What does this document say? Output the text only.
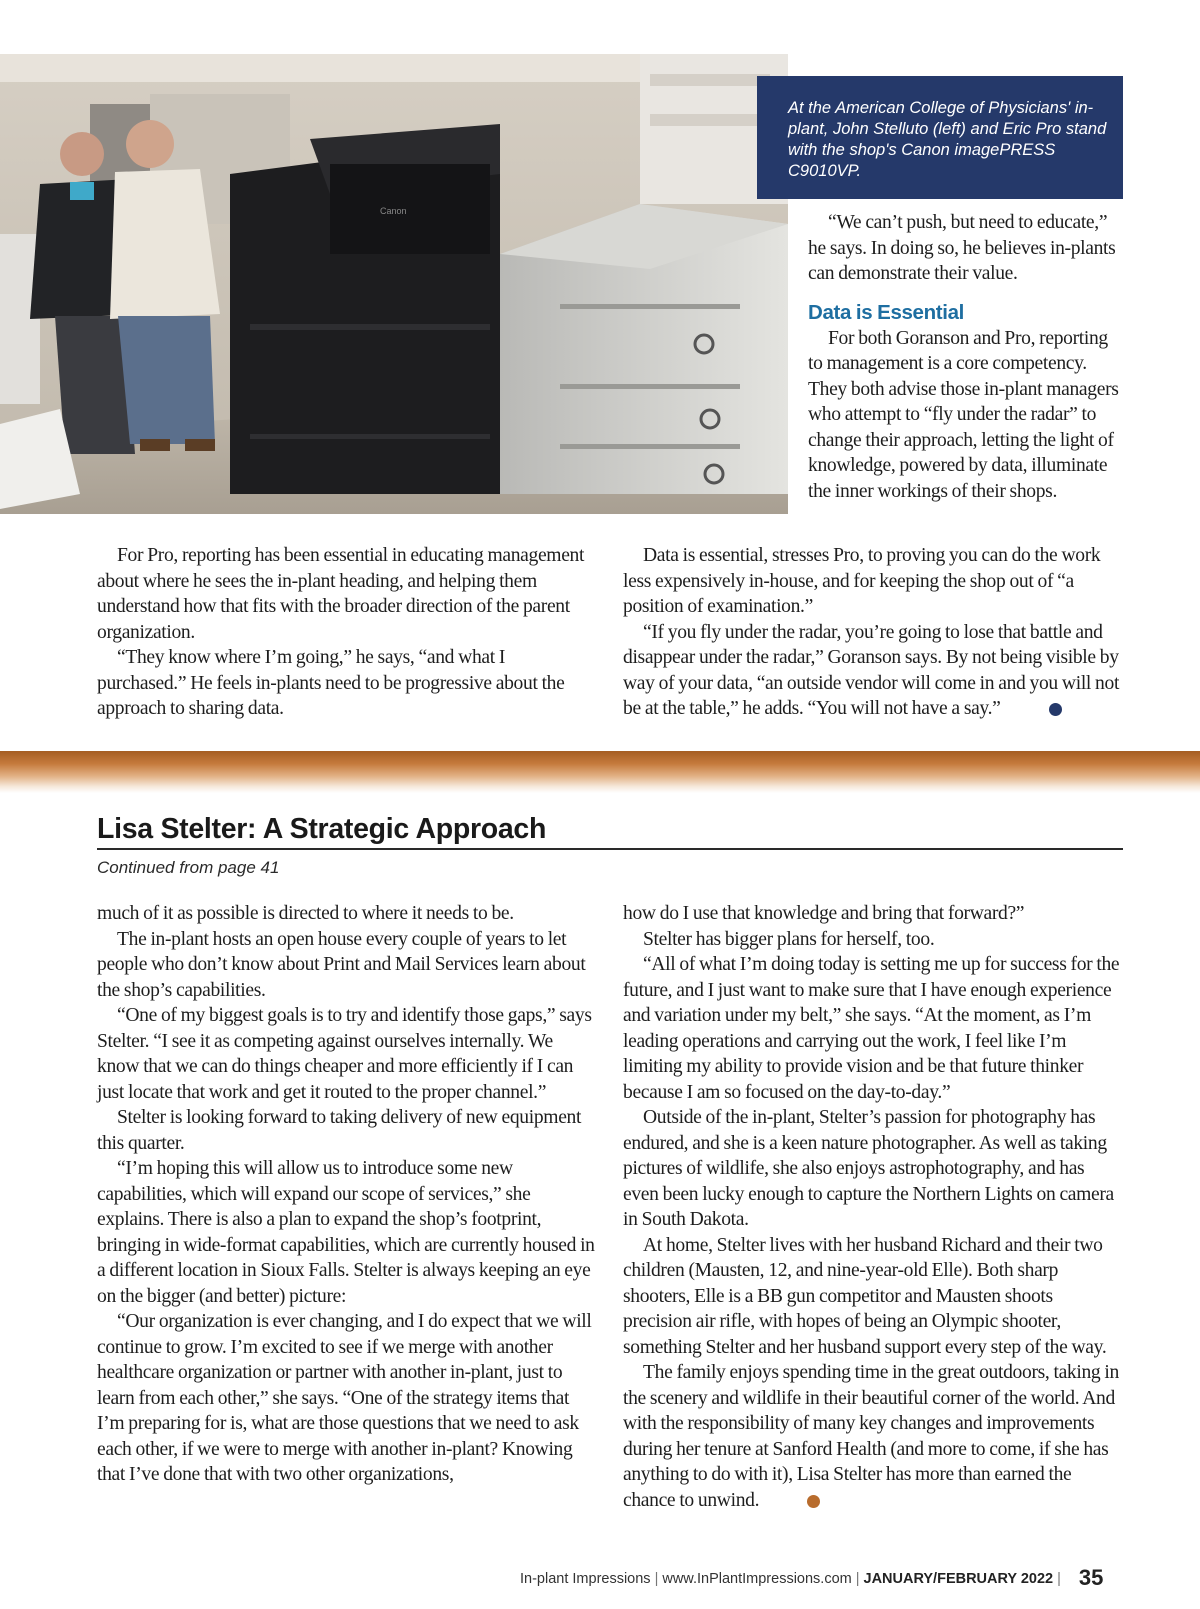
Canon
At the American College of Physicians' in-plant, John Stelluto (left) and Eric Pro stand with the shop's Canon imagePRESS C9010VP.

“We can’t push, but need to educate,” he says. In doing so, he believes in-plants can demonstrate their value.

Data is Essential

For both Goranson and Pro, reporting to management is a core competency. They both advise those in-plant managers who attempt to “fly under the radar” to change their approach, letting the light of knowledge, powered by data, illuminate the inner workings of their shops.

For Pro, reporting has been essential in educating management about where he sees the in-plant heading, and helping them understand how that fits with the broader direction of the parent organization.

“They know where I’m going,” he says, “and what I purchased.” He feels in-plants need to be progressive about the approach to sharing data.

Data is essential, stresses Pro, to proving you can do the work less expensively in-house, and for keeping the shop out of “a position of examination.”

“If you fly under the radar, you’re going to lose that battle and disappear under the radar,” Goranson says. By not being visible by way of your data, “an outside vendor will come in and you will not be at the table,” he adds. “You will not have a say.”

Lisa Stelter: A Strategic Approach
Continued from page 41

much of it as possible is directed to where it needs to be.

The in-plant hosts an open house every couple of years to let people who don’t know about Print and Mail Services learn about the shop’s capabilities.

“One of my biggest goals is to try and identify those gaps,” says Stelter. “I see it as competing against ourselves internally. We know that we can do things cheaper and more efficiently if I can just locate that work and get it routed to the proper channel.”

Stelter is looking forward to taking delivery of new equipment this quarter.

“I’m hoping this will allow us to introduce some new capabilities, which will expand our scope of services,” she explains. There is also a plan to expand the shop’s footprint, bringing in wide-format capabilities, which are currently housed in a different location in Sioux Falls. Stelter is always keeping an eye on the bigger (and better) picture:

“Our organization is ever changing, and I do expect that we will continue to grow. I’m excited to see if we merge with another healthcare organization or partner with another in-plant, just to learn from each other,” she says. “One of the strategy items that I’m preparing for is, what are those questions that we need to ask each other, if we were to merge with another in-plant? Knowing that I’ve done that with two other organizations,

how do I use that knowledge and bring that forward?”

Stelter has bigger plans for herself, too.

“All of what I’m doing today is setting me up for success for the future, and I just want to make sure that I have enough experience and variation under my belt,” she says. “At the moment, as I’m leading operations and carrying out the work, I feel like I’m limiting my ability to provide vision and be that future thinker because I am so focused on the day-to-day.”

Outside of the in-plant, Stelter’s passion for photography has endured, and she is a keen nature photographer. As well as taking pictures of wildlife, she also enjoys astrophotography, and has even been lucky enough to capture the Northern Lights on camera in South Dakota.

At home, Stelter lives with her husband Richard and their two children (Mausten, 12, and nine-year-old Elle). Both sharp shooters, Elle is a BB gun competitor and Mausten shoots precision air rifle, with hopes of being an Olympic shooter, something Stelter and her husband support every step of the way.

The family enjoys spending time in the great outdoors, taking in the scenery and wildlife in their beautiful corner of the world. And with the responsibility of many key changes and improvements during her tenure at Sanford Health (and more to come, if she has anything to do with it), Lisa Stelter has more than earned the chance to unwind.

In-plant Impressions | www.InPlantImpressions.com | JANUARY/FEBRUARY 2022 | 35
